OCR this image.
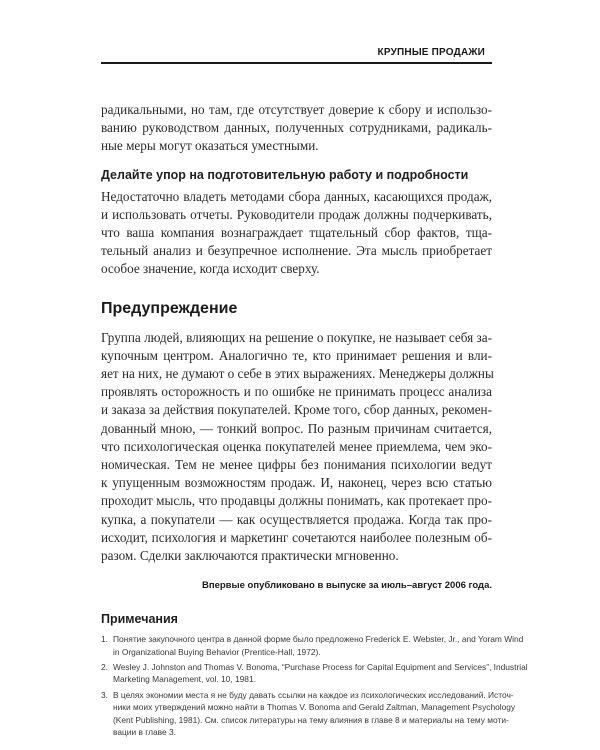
КРУПНЫЕ ПРОДАЖИ

радикальными, но там, где отсутствует доверие к сбору и использо-
ванию руководством данных, полученных сотрудниками, радикаль-
ные меры могут оказаться уместными.

Делайте упор на подготовительную работу и подробности

Недостаточно владеть методами сбора данных, касающихся продаж,
и использовать отчеты. Руководители продаж должны подчеркивать,
что ваша компания вознаграждает тщательный сбор фактов, тща-
тельный анализ и безупречное исполнение. Эта мысль приобретает
особое значение, когда исходит сверху.

Предупреждение

Группа людей, влияющих на решение о покупке, не называет себя за-
купочным центром. Аналогично те, кто принимает решения и вли-
яет на них, не думают о себе в этих выражениях. Менеджеры должны
проявлять осторожность и по ошибке не принимать процесс анализа
и заказа за действия покупателей. Кроме того, сбор данных, рекомен-
дованный мною, — тонкий вопрос. По разным причинам считается,
что психологическая оценка покупателей менее приемлема, чем эко-
номическая. Тем не менее цифры без понимания психологии ведут
к упущенным возможностям продаж. И, наконец, через всю статью
проходит мысль, что продавцы должны понимать, как протекает про-
купка, а покупатели — как осуществляется продажа. Когда так про-
исходит, психология и маркетинг сочетаются наиболее полезным об-
разом. Сделки заключаются практически мгновенно.

Впервые опубликовано в выпуске за июль–август 2006 года.

Примечания
1. Понятие закупочного центра в данной форме было предложено Frederick E. Webster, Jr., and Yoram Wind
in Organizational Buying Behavior (Prentice-Hall, 1972).
2. Wesley J. Johnston and Thomas V. Bonoma, “Purchase Process for Capital Equipment and Services”, Industrial
Marketing Management, vol. 10, 1981.
3. В целях экономии места я не буду давать ссылки на каждое из психологических исследований. Источ-
ники моих утверждений можно найти в Thomas V. Bonoma and Gerald Zaltman, Management Psychology
(Kent Publishing, 1981). См. список литературы на тему влияния в главе 8 и материалы на тему моти-
вации в главе 3.
